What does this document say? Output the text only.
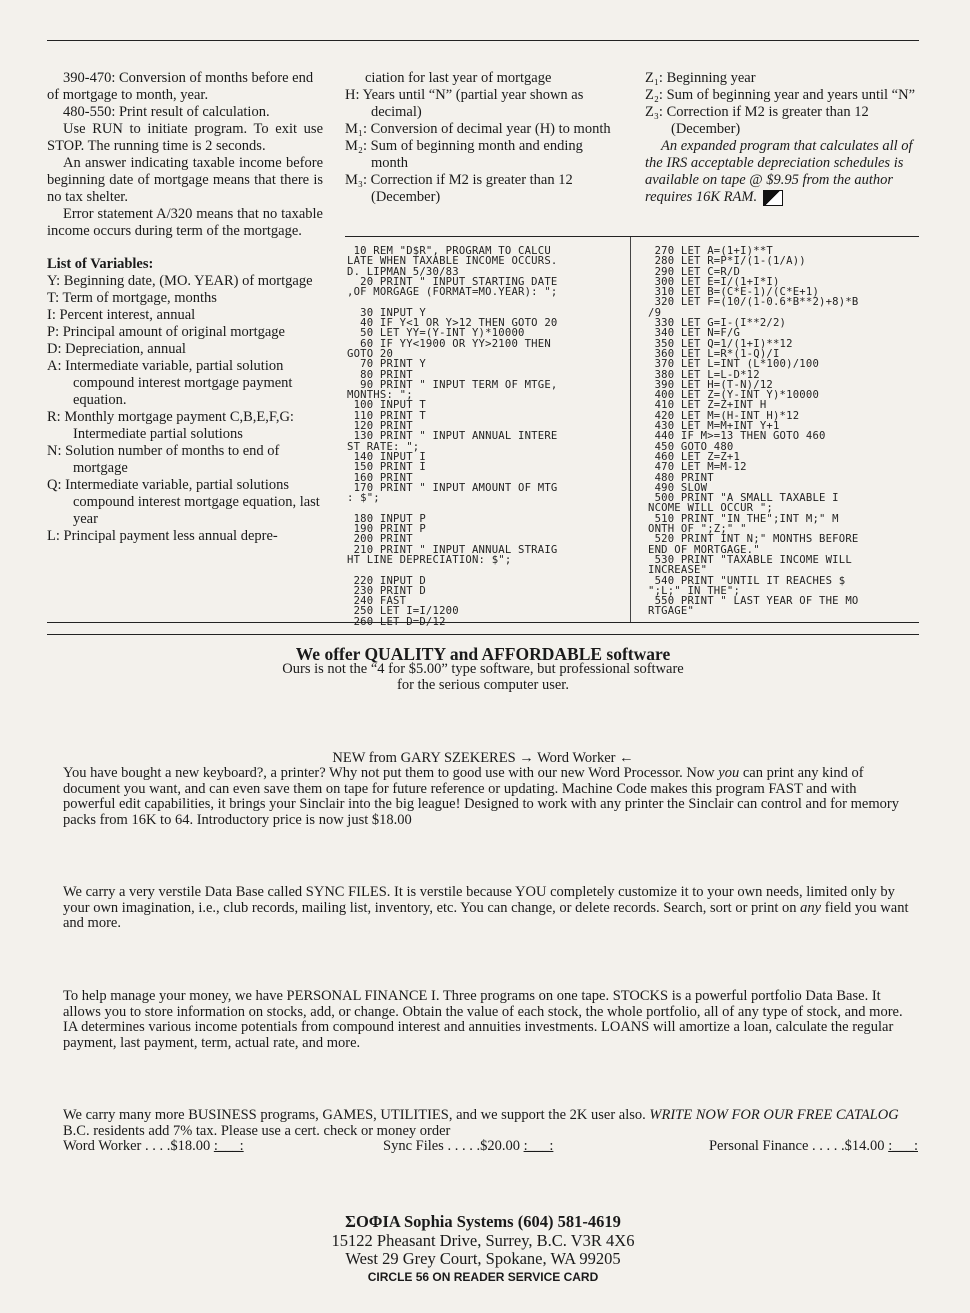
390-470: Conversion of months before end of mortgage to month, year.

480-550: Print result of calculation.

Use RUN to initiate program. To exit use STOP. The running time is 2 seconds.

An answer indicating taxable income before beginning date of mortgage means that there is no tax shelter.

Error statement A/320 means that no taxable income occurs during term of the mortgage.

List of Variables:

Y: Beginning date, (MO. YEAR) of mortgage

T: Term of mortgage, months

I: Percent interest, annual

P: Principal amount of original mortgage

D: Depreciation, annual

A: Intermediate variable, partial solution compound interest mortgage payment equation.

R: Monthly mortgage payment C,B,E,F,G: Intermediate partial solutions

N: Solution number of months to end of mortgage

Q: Intermediate variable, partial solutions compound interest mortgage equation, last year

L: Principal payment less annual depre-

ciation for last year of mortgage

H: Years until “N” (partial year shown as decimal)

M₁: Conversion of decimal year (H) to month

M₂: Sum of beginning month and ending month

M₃: Correction if M2 is greater than 12 (December)

Z₁: Beginning year

Z₂: Sum of beginning year and years until “N”

Z₃: Correction if M2 is greater than 12 (December)

An expanded program that calculates all of the IRS acceptable depreciation schedules is available on tape @ $9.95 from the author requires 16K RAM.

10 REM "D$R", PROGRAM TO CALCU
LATE WHEN TAXABLE INCOME OCCURS.
D. LIPMAN 5/30/83
20 PRINT " INPUT STARTING DATE
,OF MORGAGE (FORMAT=MO.YEAR): ";

30 INPUT Y
40 IF Y<1 OR Y>12 THEN GOTO 20
50 LET YY=(Y-INT Y)*10000
60 IF YY<1900 OR YY>2100 THEN
GOTO 20
70 PRINT Y
80 PRINT
90 PRINT " INPUT TERM OF MTGE,
MONTHS: ";
100 INPUT T
110 PRINT T
120 PRINT
130 PRINT " INPUT ANNUAL INTERE
ST RATE: ";
140 INPUT I
150 PRINT I
160 PRINT
170 PRINT " INPUT AMOUNT OF MTG
: $";

180 INPUT P
190 PRINT P
200 PRINT
210 PRINT " INPUT ANNUAL STRAIG
HT LINE DEPRECIATION: $";

220 INPUT D
230 PRINT D
240 FAST
250 LET I=I/1200
260 LET D=D/12
270 LET A=(1+I)**T
280 LET R=P*I/(1-(1/A))
290 LET C=R/D
300 LET E=I/(1+I*I)
310 LET B=(C*E-1)/(C*E+1)
320 LET F=(10/(1-0.6*B**2)+8)*B
/9
330 LET G=I-(I**2/2)
340 LET N=F/G
350 LET Q=1/(1+I)**12
360 LET L=R*(1-Q)/I
370 LET L=INT (L*100)/100
380 LET L=L-D*12
390 LET H=(T-N)/12
400 LET Z=(Y-INT Y)*10000
410 LET Z=Z+INT H
420 LET M=(H-INT H)*12
430 LET M=M+INT Y+1
440 IF M>=13 THEN GOTO 460
450 GOTO 480
460 LET Z=Z+1
470 LET M=M-12
480 PRINT
490 SLOW
500 PRINT "A SMALL TAXABLE I
NCOME WILL OCCUR ";
510 PRINT "IN THE";INT M;" M
ONTH OF ";Z;" "
520 PRINT INT N;" MONTHS BEFORE
END OF MORTGAGE."
530 PRINT "TAXABLE INCOME WILL
INCREASE"
540 PRINT "UNTIL IT REACHES $
";L;" IN THE";
550 PRINT " LAST YEAR OF THE MO
RTGAGE"
We offer QUALITY and AFFORDABLE software
Ours is not the “4 for $5.00” type software, but professional software
for the serious computer user.
NEW from GARY SZEKERES → Word Worker ←
You have bought a new keyboard?, a printer? Why not put them to good use with our new Word Processor. Now you can print any kind of document you want, and can even save them on tape for future reference or updating. Machine Code makes this program FAST and with powerful edit capabilities, it brings your Sinclair into the big league! Designed to work with any printer the Sinclair can control and for memory packs from 16K to 64. Introductory price is now just $18.00
We carry a very verstile Data Base called SYNC FILES. It is verstile because YOU completely customize it to your own needs, limited only by your own imagination, i.e., club records, mailing list, inventory, etc. You can change, or delete records. Search, sort or print on any field you want and more.
To help manage your money, we have PERSONAL FINANCE I. Three programs on one tape. STOCKS is a powerful portfolio Data Base. It allows you to store information on stocks, add, or change. Obtain the value of each stock, the whole portfolio, all of any type of stock, and more. IA determines various income potentials from compound interest and annuities investments. LOANS will amortize a loan, calculate the regular payment, last payment, term, actual rate, and more.
We carry many more BUSINESS programs, GAMES, UTILITIES, and we support the 2K user also. WRITE NOW FOR OUR FREE CATALOG B.C. residents add 7% tax. Please use a cert. check or money order
Word Worker . . . .$18.00 :___:	Sync Files . . . . .$20.00 :___:	Personal Finance . . . . .$14.00 :___:
ΣΟΦIA Sophia Systems (604) 581-4619
15122 Pheasant Drive, Surrey, B.C. V3R 4X6
West 29 Grey Court, Spokane, WA 99205
CIRCLE 56 ON READER SERVICE CARD
